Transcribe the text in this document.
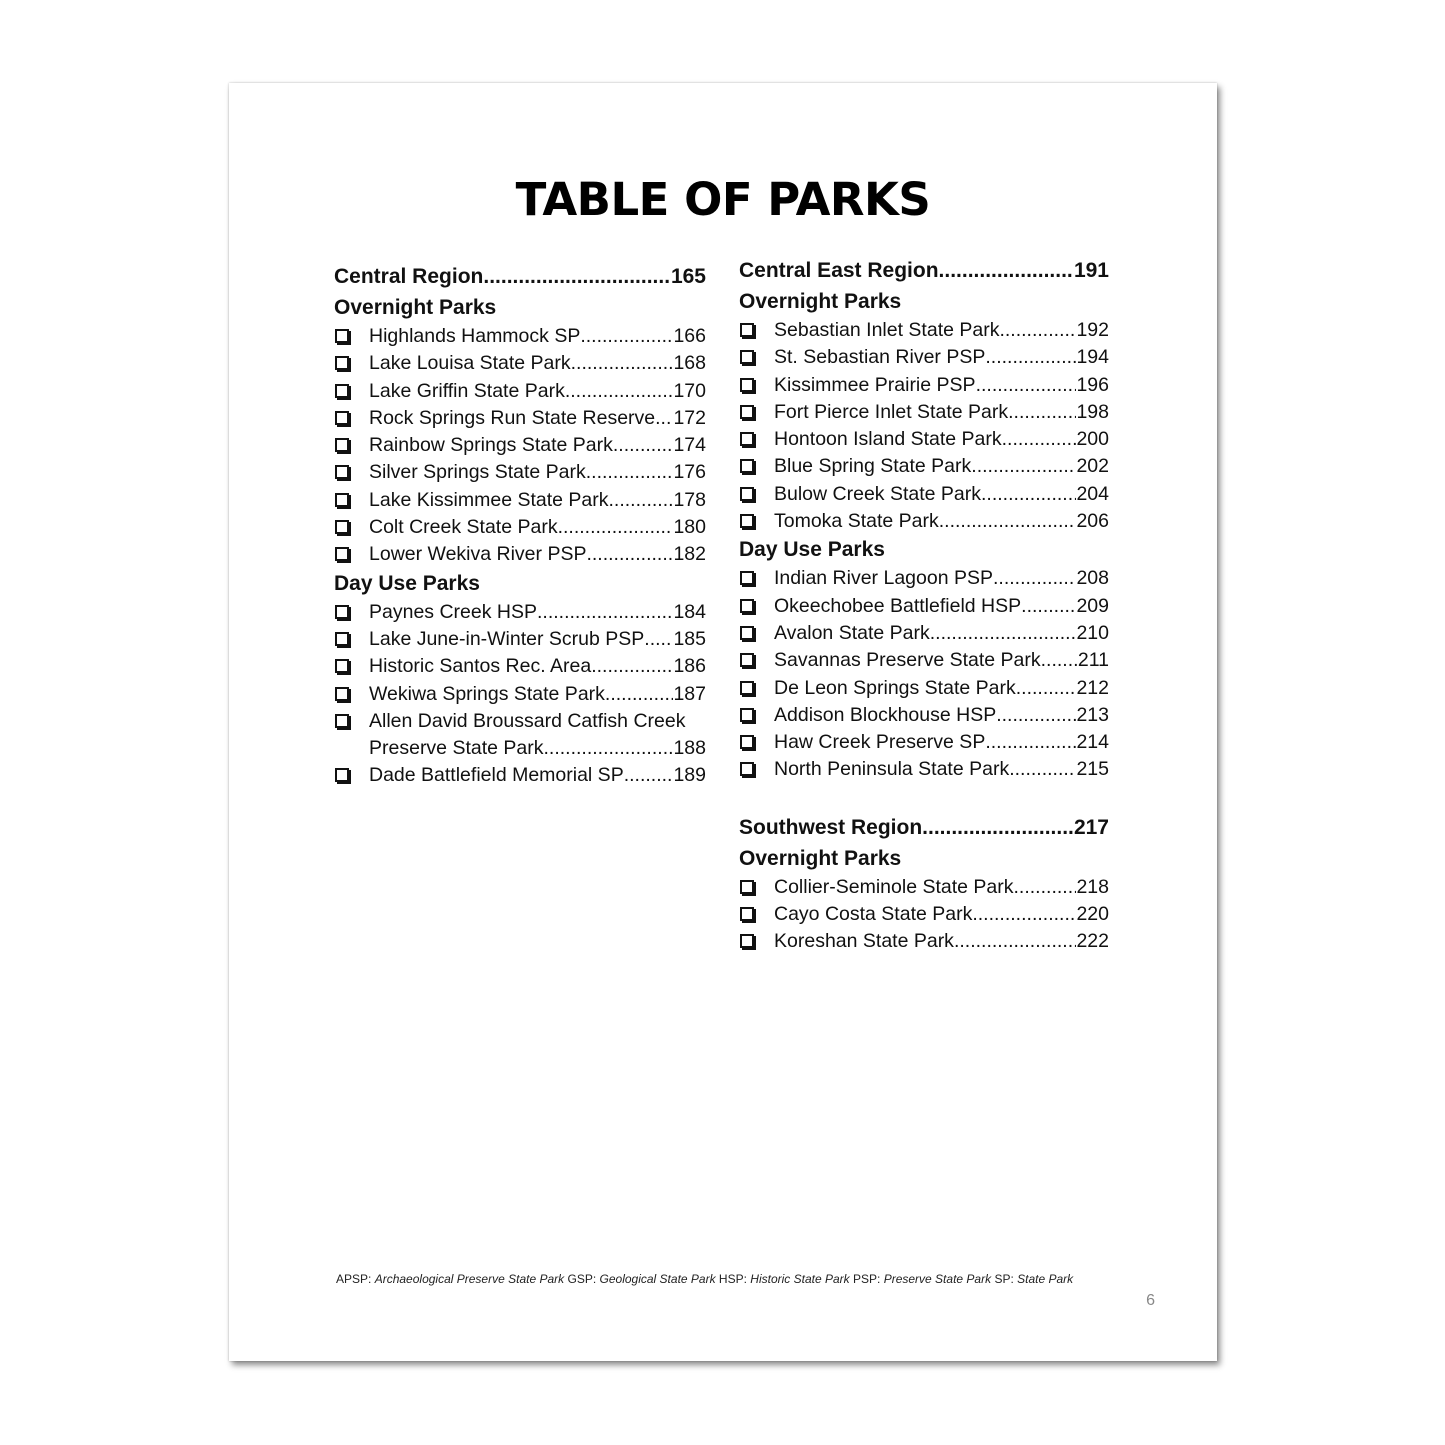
TABLE OF PARKS
Central Region .....	165
Overnight Parks
Highlands Hammock SP .....	166
Lake Louisa State Park .....	168
Lake Griffin State Park .....	170
Rock Springs Run State Reserve ..... 172
Rainbow Springs State Park .....	174
Silver Springs State Park .....	176
Lake Kissimmee State Park .....	178
Colt Creek State Park .....	180
Lower Wekiva River PSP .....	182
Day Use Parks
Paynes Creek HSP .....	184
Lake June-in-Winter Scrub PSP ..... 185
Historic Santos Rec. Area .....	186
Wekiwa Springs State Park .....	187
Allen David Broussard Catfish Creek
Preserve State Park .....	188
Dade Battlefield Memorial SP .....	189
Central East Region .....	191
Overnight Parks
Sebastian Inlet State Park .....	192
St. Sebastian River PSP .....	194
Kissimmee Prairie PSP .....	196
Fort Pierce Inlet State Park .....	198
Hontoon Island State Park .....	200
Blue Spring State Park .....	202
Bulow Creek State Park .....	204
Tomoka State Park .....	206
Day Use Parks
Indian River Lagoon PSP .....	208
Okeechobee Battlefield HSP .....	209
Avalon State Park .....	210
Savannas Preserve State Park ..... 211
De Leon Springs State Park .....	212
Addison Blockhouse HSP .....	213
Haw Creek Preserve SP .....	214
North Peninsula State Park .....	215
Southwest Region .....	217
Overnight Parks
Collier-Seminole State Park .....	218
Cayo Costa State Park .....	220
Koreshan State Park .....	222
APSP: Archaeological Preserve State Park GSP: Geological State Park HSP: Historic State Park PSP: Preserve State Park SP: State Park
6
